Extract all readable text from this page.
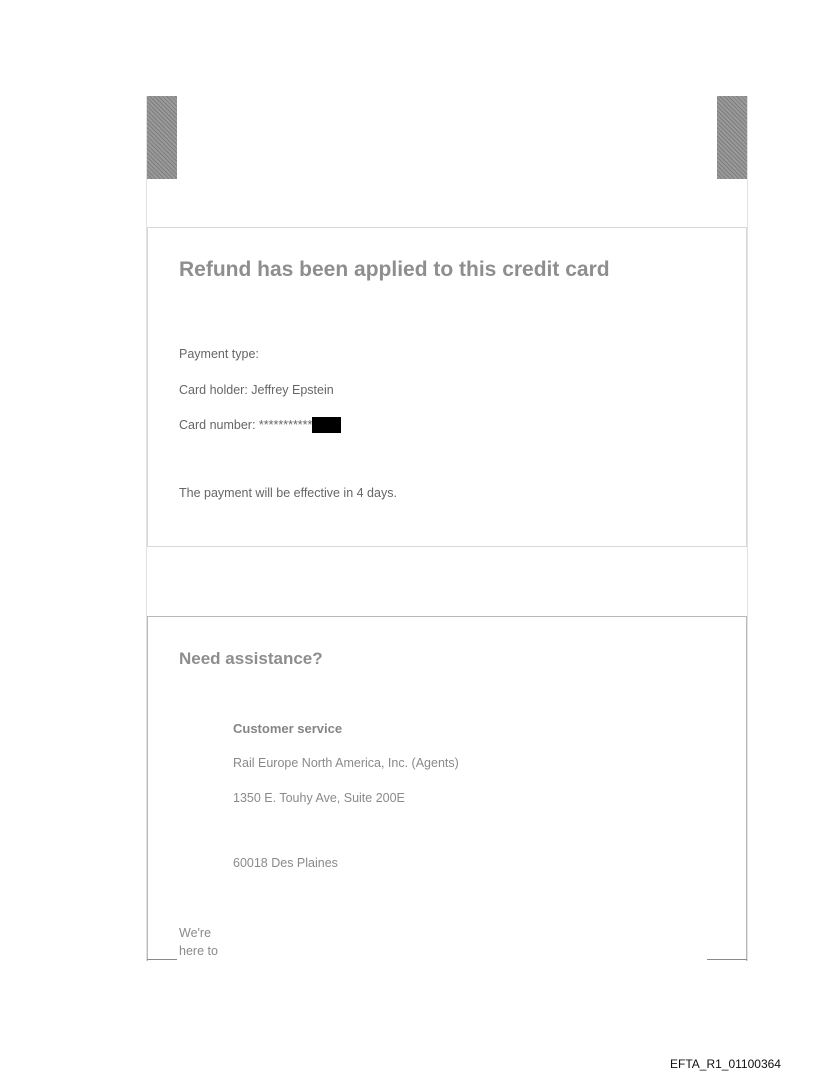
Refund has been applied to this credit card
Payment type:
Card holder: Jeffrey Epstein
Card number: ***********
The payment will be effective in 4 days.
Need assistance?
Customer service
Rail Europe North America, Inc. (Agents)
1350 E. Touhy Ave, Suite 200E
60018 Des Plaines
We're here to
EFTA_R1_01100364
